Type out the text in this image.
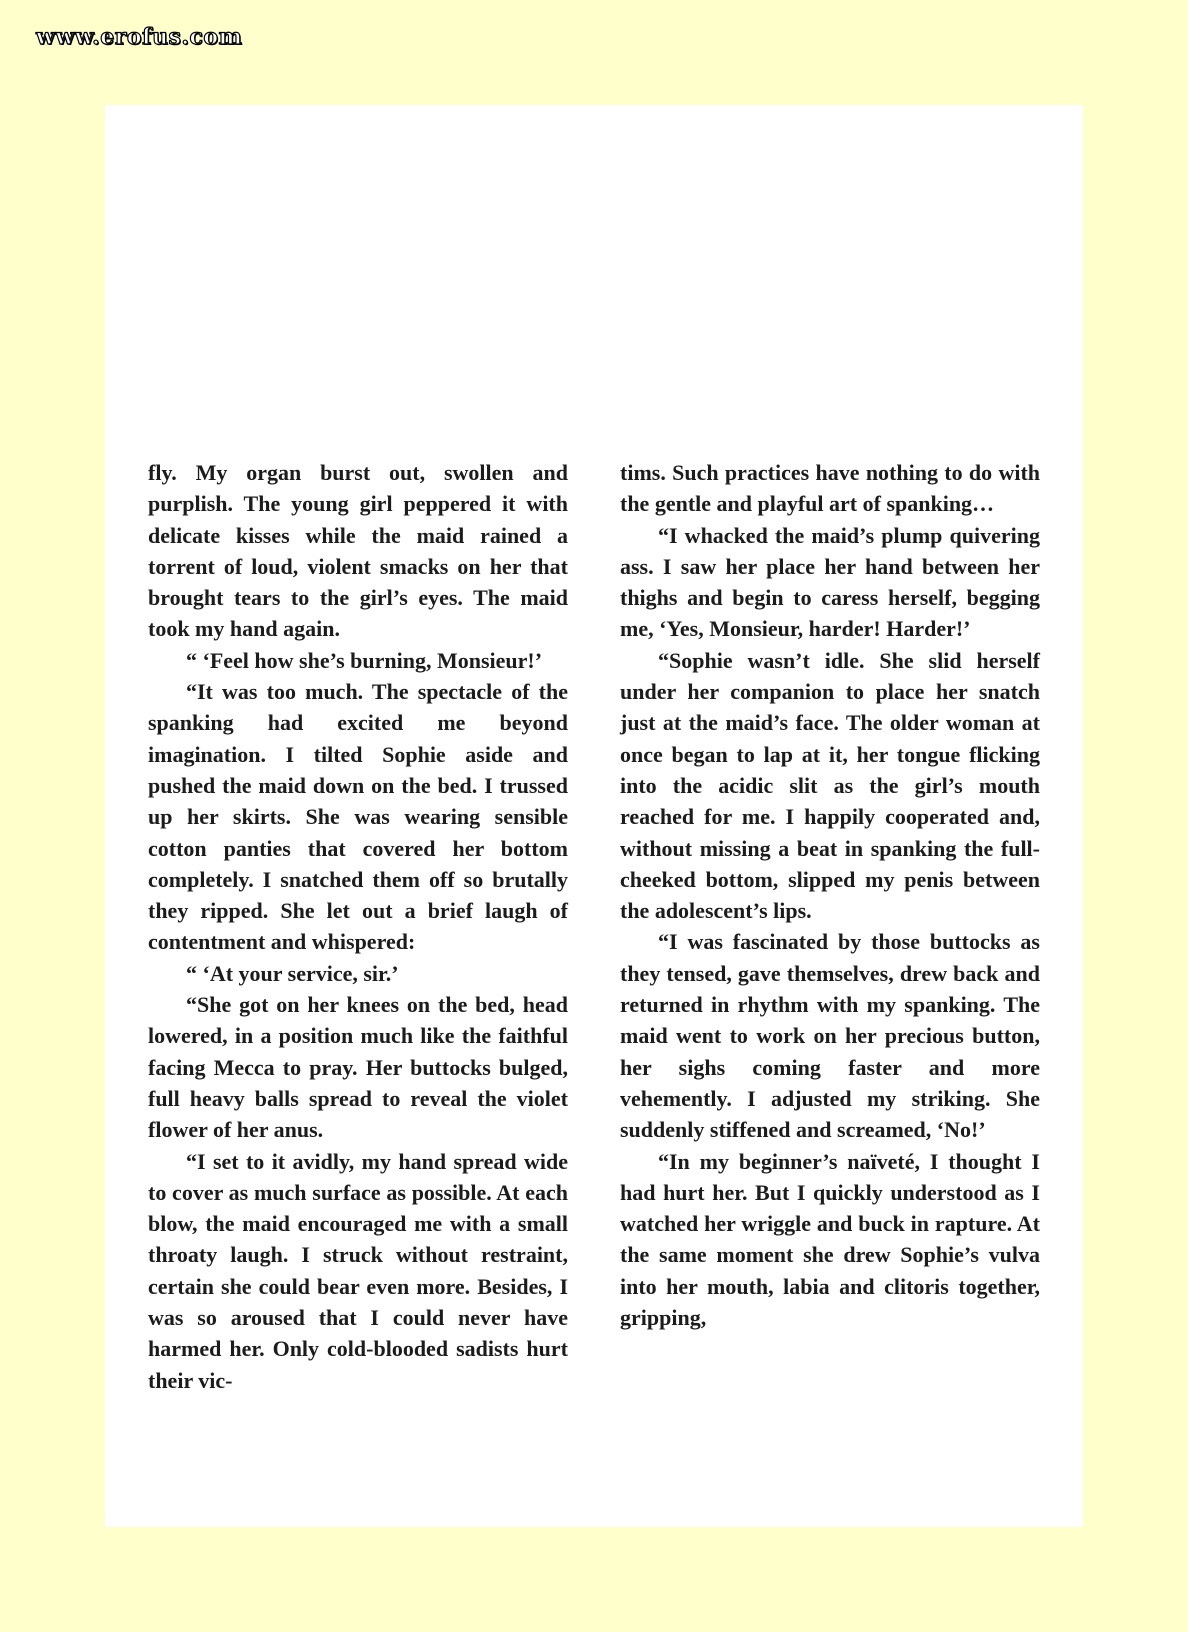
www.erofus.com

fly. My organ burst out, swollen and purplish. The young girl peppered it with delicate kisses while the maid rained a torrent of loud, violent smacks on her that brought tears to the girl’s eyes. The maid took my hand again.

“ ‘Feel how she’s burning, Monsieur!’

“It was too much. The spectacle of the spanking had excited me beyond imagination. I tilted Sophie aside and pushed the maid down on the bed. I trussed up her skirts. She was wearing sensible cotton panties that covered her bottom completely. I snatched them off so brutally they ripped. She let out a brief laugh of contentment and whispered:

“ ‘At your service, sir.’

“She got on her knees on the bed, head lowered, in a position much like the faithful facing Mecca to pray. Her buttocks bulged, full heavy balls spread to reveal the violet flower of her anus.

“I set to it avidly, my hand spread wide to cover as much surface as possible. At each blow, the maid encouraged me with a small throaty laugh. I struck without restraint, certain she could bear even more. Besides, I was so aroused that I could never have harmed her. Only cold-blooded sadists hurt their vic-

tims. Such practices have nothing to do with the gentle and playful art of spanking…

“I whacked the maid’s plump quivering ass. I saw her place her hand between her thighs and begin to caress herself, begging me, ‘Yes, Monsieur, harder! Harder!’

“Sophie wasn’t idle. She slid herself under her companion to place her snatch just at the maid’s face. The older woman at once began to lap at it, her tongue flicking into the acidic slit as the girl’s mouth reached for me. I happily cooperated and, without missing a beat in spanking the full-cheeked bottom, slipped my penis between the adolescent’s lips.

“I was fascinated by those buttocks as they tensed, gave themselves, drew back and returned in rhythm with my spanking. The maid went to work on her precious button, her sighs coming faster and more vehemently. I adjusted my striking. She suddenly stiffened and screamed, ‘No!’

“In my beginner’s naïveté, I thought I had hurt her. But I quickly understood as I watched her wriggle and buck in rapture. At the same moment she drew Sophie’s vulva into her mouth, labia and clitoris together, gripping,
